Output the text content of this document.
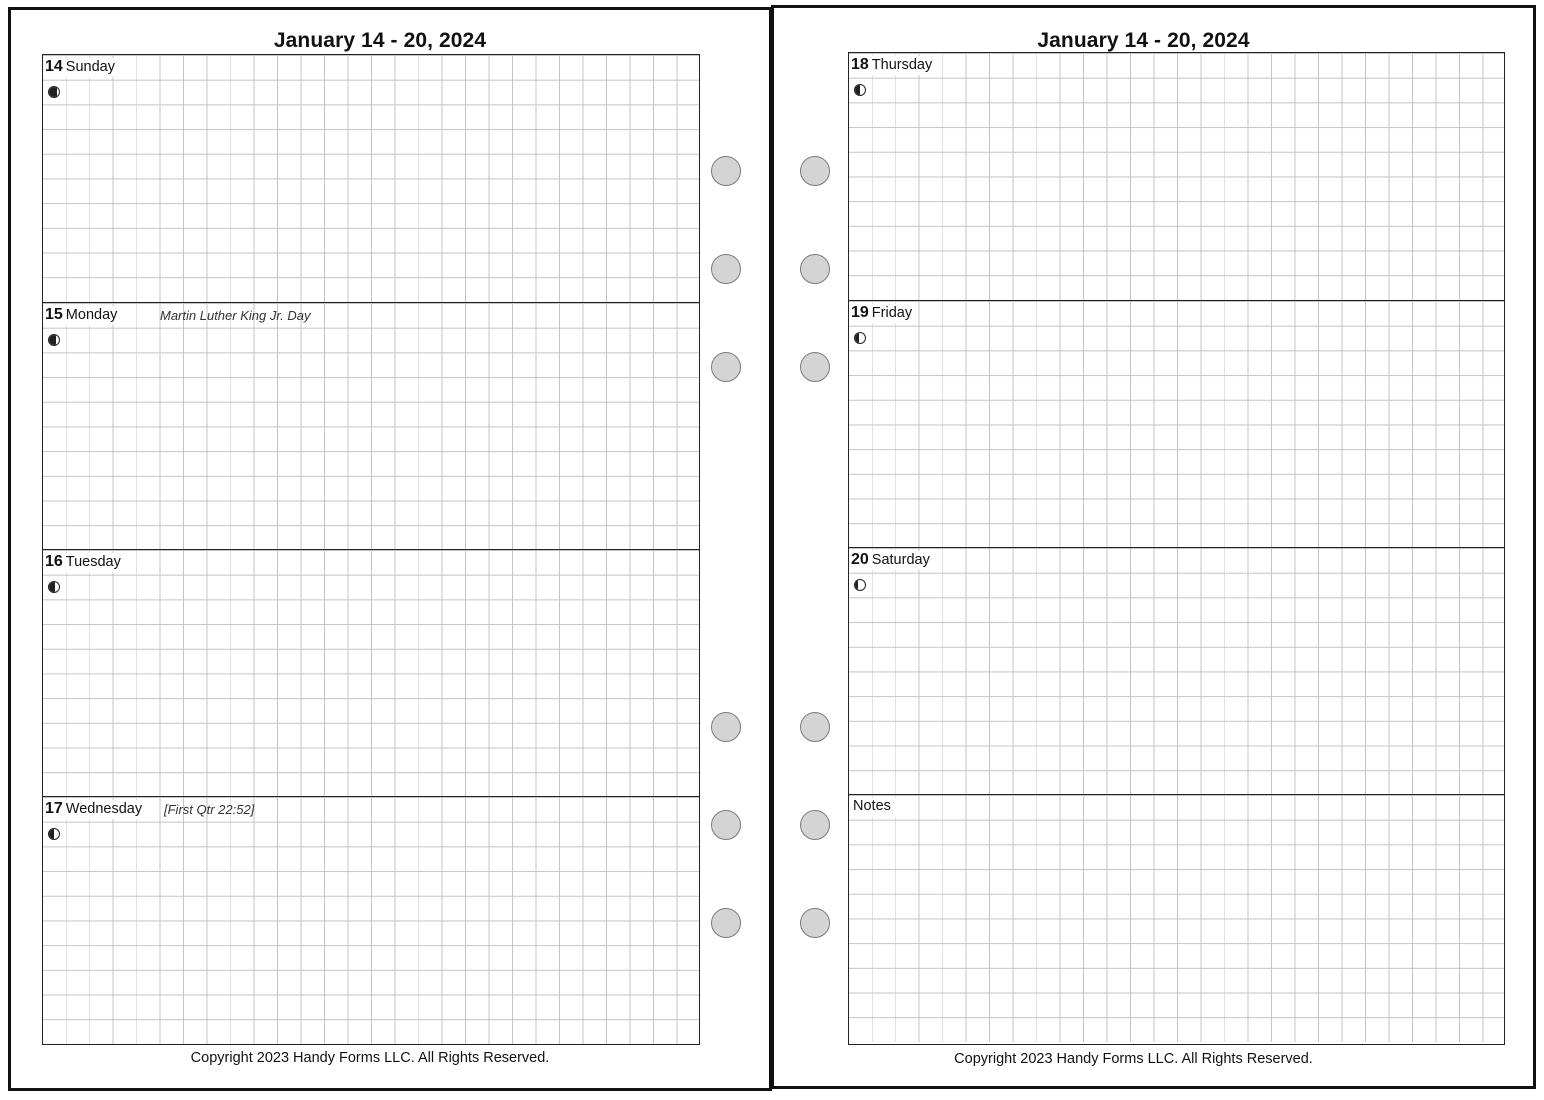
January 14 - 20, 2024
14 Sunday
15 Monday	Martin Luther King Jr. Day
16 Tuesday
17 Wednesday	[First Qtr 22:52]
Copyright 2023 Handy Forms LLC. All Rights Reserved.
January 14 - 20, 2024
18 Thursday
19 Friday
20 Saturday
Notes
Copyright 2023 Handy Forms LLC. All Rights Reserved.
